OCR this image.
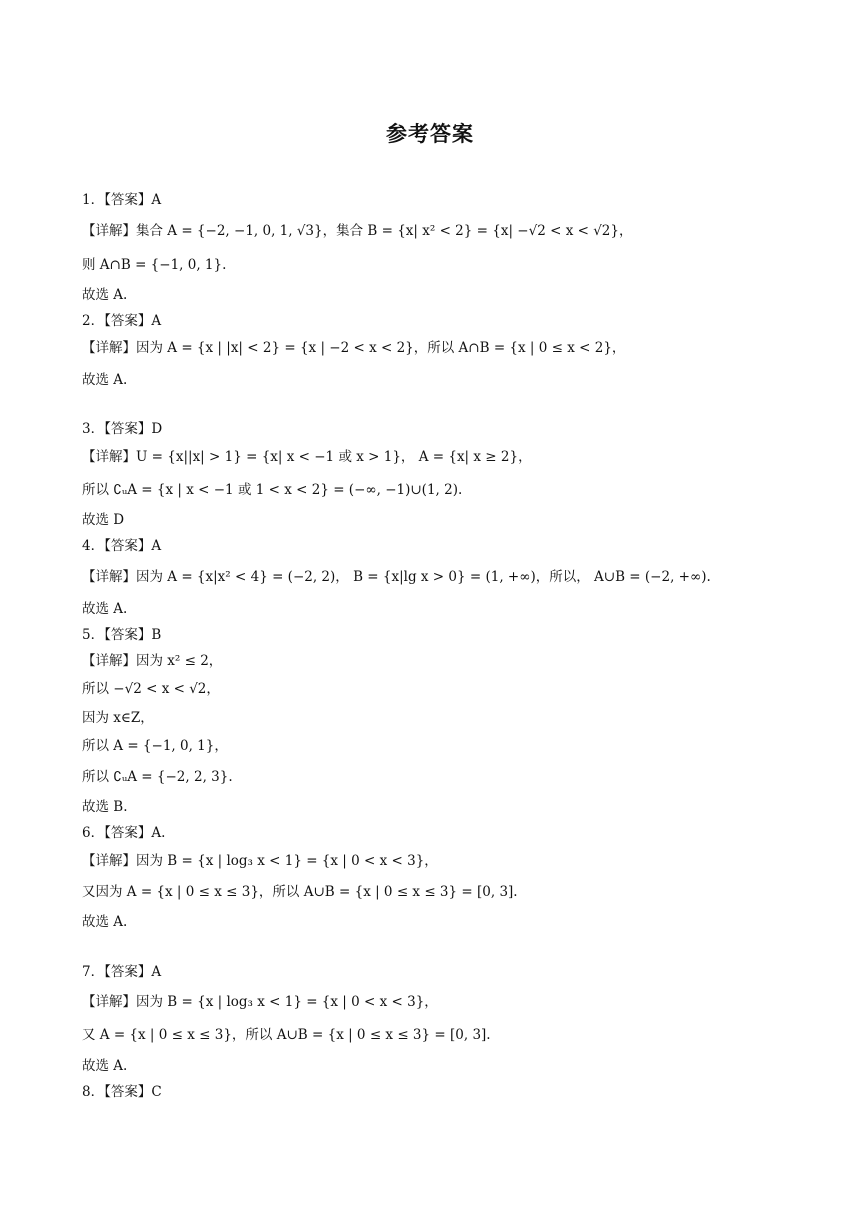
参考答案
1．【答案】A
【详解】集合 A = {−2, −1, 0, 1, √3}，集合 B = {x| x² < 2} = {x| −√2 < x < √2}，
则 A∩B = {−1, 0, 1}.
故选 A.
2．【答案】A
【详解】因为 A = {x | |x| < 2} = {x | −2 < x < 2}，所以 A∩B = {x | 0 ≤ x < 2}，
故选 A.
3．【答案】D
【详解】U = {x||x| > 1} = {x| x < −1 或 x > 1}， A = {x| x ≥ 2}，
所以 ∁ᵤA = {x | x < −1 或 1 < x < 2} = (−∞, −1)∪(1, 2).
故选 D
4．【答案】A
【详解】因为 A = {x|x² < 4} = (−2, 2)， B = {x|lg x > 0} = (1, +∞)，所以， A∪B = (−2, +∞).
故选 A.
5．【答案】B
【详解】因为 x² ≤ 2，
所以 −√2 < x < √2，
因为 x∈Z，
所以 A = {−1, 0, 1}，
所以 ∁ᵤA = {−2, 2, 3}.
故选 B.
6．【答案】A.
【详解】因为 B = {x | log₃ x < 1} = {x | 0 < x < 3}，
又因为 A = {x | 0 ≤ x ≤ 3}，所以 A∪B = {x | 0 ≤ x ≤ 3} = [0, 3].
故选 A.
7．【答案】A
【详解】因为 B = {x | log₃ x < 1} = {x | 0 < x < 3}，
又 A = {x | 0 ≤ x ≤ 3}，所以 A∪B = {x | 0 ≤ x ≤ 3} = [0, 3].
故选 A.
8．【答案】C
